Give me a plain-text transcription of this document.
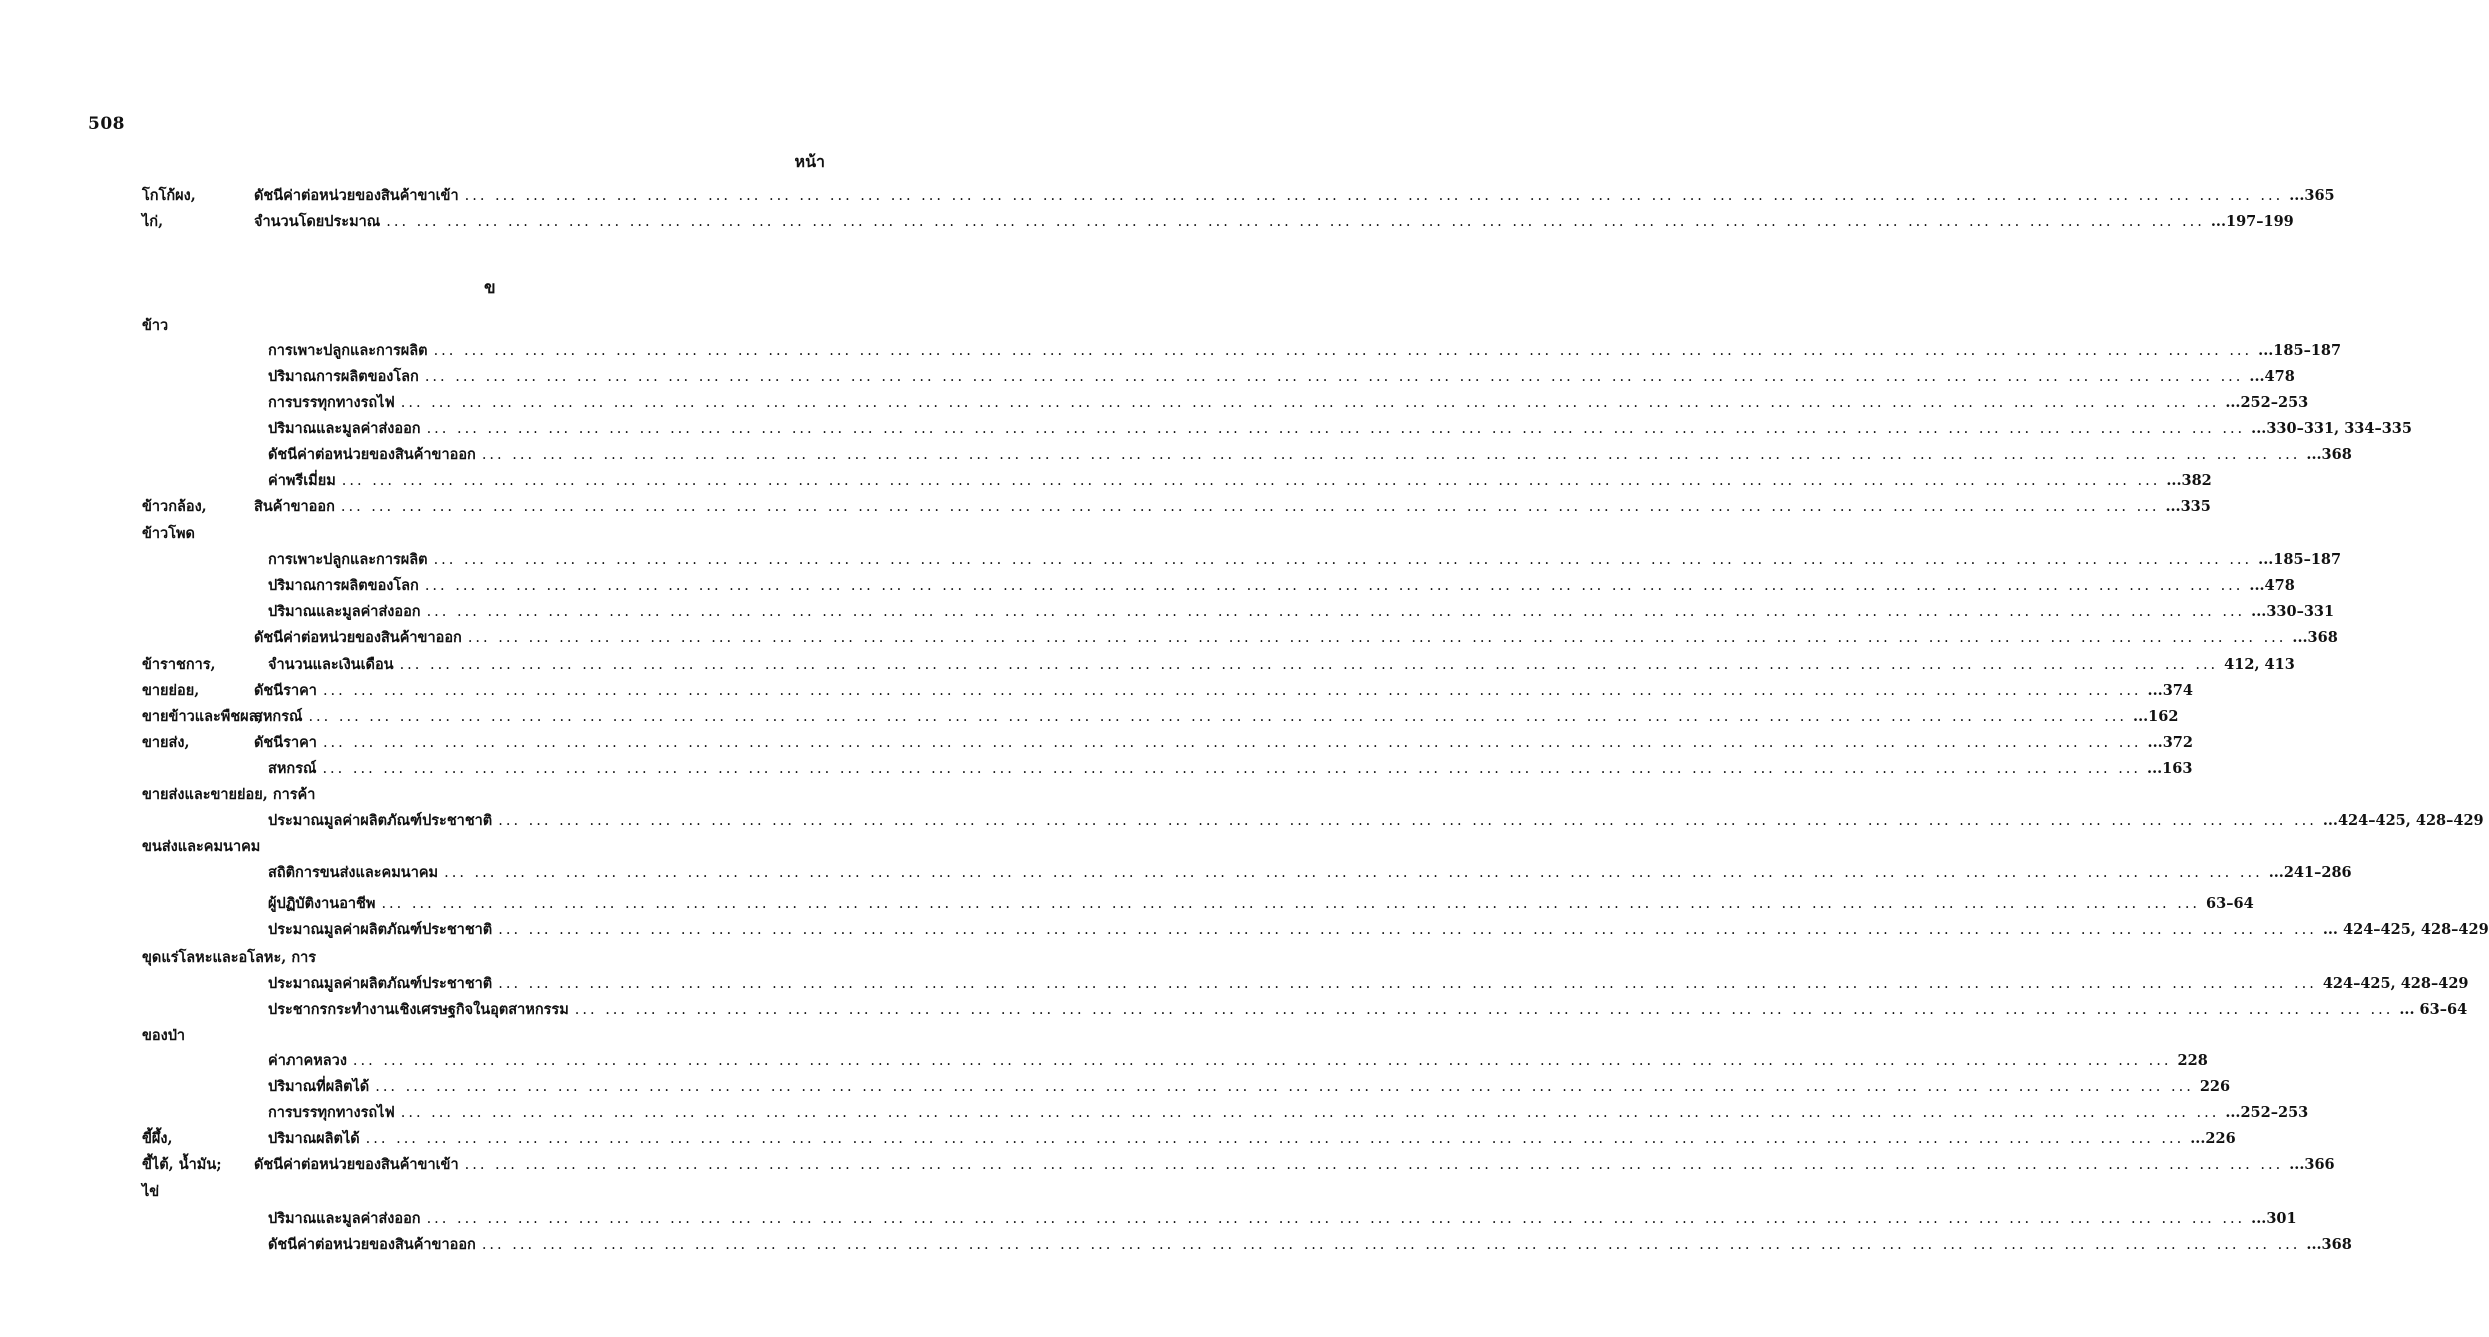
508
หน้า
ข
โกโก้ผง,	ดัชนีค่าต่อหน่วยของสินค้าขาเข้า ... ... ... ... ... ... ... ... ... ... ... ... ... ... ... ... ... ... ... ... ... ... ... ... ... ... ... ... ... ... ... ... ... ... ... ... ... ... ... ... ... ... ... ... ... ... ... ... ... ... ... ... ... ... ... ... ... ... ... ... ...365
ไก่,	จำนวนโดยประมาณ ... ... ... ... ... ... ... ... ... ... ... ... ... ... ... ... ... ... ... ... ... ... ... ... ... ... ... ... ... ... ... ... ... ... ... ... ... ... ... ... ... ... ... ... ... ... ... ... ... ... ... ... ... ... ... ... ... ... ... ... ...197–199
ข้าว
การเพาะปลูกและการผลิต ... ... ... ... ... ... ... ... ... ... ... ... ... ... ... ... ... ... ... ... ... ... ... ... ... ... ... ... ... ... ... ... ... ... ... ... ... ... ... ... ... ... ... ... ... ... ... ... ... ... ... ... ... ... ... ... ... ... ... ... ...185–187
ปริมาณการผลิตของโลก ... ... ... ... ... ... ... ... ... ... ... ... ... ... ... ... ... ... ... ... ... ... ... ... ... ... ... ... ... ... ... ... ... ... ... ... ... ... ... ... ... ... ... ... ... ... ... ... ... ... ... ... ... ... ... ... ... ... ... ... ...478
การบรรทุกทางรถไฟ ... ... ... ... ... ... ... ... ... ... ... ... ... ... ... ... ... ... ... ... ... ... ... ... ... ... ... ... ... ... ... ... ... ... ... ... ... ... ... ... ... ... ... ... ... ... ... ... ... ... ... ... ... ... ... ... ... ... ... ... ...252–253
ปริมาณและมูลค่าส่งออก ... ... ... ... ... ... ... ... ... ... ... ... ... ... ... ... ... ... ... ... ... ... ... ... ... ... ... ... ... ... ... ... ... ... ... ... ... ... ... ... ... ... ... ... ... ... ... ... ... ... ... ... ... ... ... ... ... ... ... ... ...330–331, 334–335
ดัชนีค่าต่อหน่วยของสินค้าขาออก ... ... ... ... ... ... ... ... ... ... ... ... ... ... ... ... ... ... ... ... ... ... ... ... ... ... ... ... ... ... ... ... ... ... ... ... ... ... ... ... ... ... ... ... ... ... ... ... ... ... ... ... ... ... ... ... ... ... ... ... ...368
ค่าพรีเมี่ยม ... ... ... ... ... ... ... ... ... ... ... ... ... ... ... ... ... ... ... ... ... ... ... ... ... ... ... ... ... ... ... ... ... ... ... ... ... ... ... ... ... ... ... ... ... ... ... ... ... ... ... ... ... ... ... ... ... ... ... ... ...382
ข้าวกล้อง,	สินค้าขาออก ... ... ... ... ... ... ... ... ... ... ... ... ... ... ... ... ... ... ... ... ... ... ... ... ... ... ... ... ... ... ... ... ... ... ... ... ... ... ... ... ... ... ... ... ... ... ... ... ... ... ... ... ... ... ... ... ... ... ... ... ...335
ข้าวโพด
การเพาะปลูกและการผลิต ... ... ... ... ... ... ... ... ... ... ... ... ... ... ... ... ... ... ... ... ... ... ... ... ... ... ... ... ... ... ... ... ... ... ... ... ... ... ... ... ... ... ... ... ... ... ... ... ... ... ... ... ... ... ... ... ... ... ... ... ...185–187
ปริมาณการผลิตของโลก ... ... ... ... ... ... ... ... ... ... ... ... ... ... ... ... ... ... ... ... ... ... ... ... ... ... ... ... ... ... ... ... ... ... ... ... ... ... ... ... ... ... ... ... ... ... ... ... ... ... ... ... ... ... ... ... ... ... ... ... ...478
ปริมาณและมูลค่าส่งออก ... ... ... ... ... ... ... ... ... ... ... ... ... ... ... ... ... ... ... ... ... ... ... ... ... ... ... ... ... ... ... ... ... ... ... ... ... ... ... ... ... ... ... ... ... ... ... ... ... ... ... ... ... ... ... ... ... ... ... ... ...330–331
ดัชนีค่าต่อหน่วยของสินค้าขาออก ... ... ... ... ... ... ... ... ... ... ... ... ... ... ... ... ... ... ... ... ... ... ... ... ... ... ... ... ... ... ... ... ... ... ... ... ... ... ... ... ... ... ... ... ... ... ... ... ... ... ... ... ... ... ... ... ... ... ... ... ...368
ข้าราชการ,	จำนวนและเงินเดือน ... ... ... ... ... ... ... ... ... ... ... ... ... ... ... ... ... ... ... ... ... ... ... ... ... ... ... ... ... ... ... ... ... ... ... ... ... ... ... ... ... ... ... ... ... ... ... ... ... ... ... ... ... ... ... ... ... ... ... ... 412, 413
ขายย่อย,	ดัชนีราคา ... ... ... ... ... ... ... ... ... ... ... ... ... ... ... ... ... ... ... ... ... ... ... ... ... ... ... ... ... ... ... ... ... ... ... ... ... ... ... ... ... ... ... ... ... ... ... ... ... ... ... ... ... ... ... ... ... ... ... ... ...374
ขายข้าวและพืชผล,
สหกรณ์ ... ... ... ... ... ... ... ... ... ... ... ... ... ... ... ... ... ... ... ... ... ... ... ... ... ... ... ... ... ... ... ... ... ... ... ... ... ... ... ... ... ... ... ... ... ... ... ... ... ... ... ... ... ... ... ... ... ... ... ... ...162
ขายส่ง,	ดัชนีราคา ... ... ... ... ... ... ... ... ... ... ... ... ... ... ... ... ... ... ... ... ... ... ... ... ... ... ... ... ... ... ... ... ... ... ... ... ... ... ... ... ... ... ... ... ... ... ... ... ... ... ... ... ... ... ... ... ... ... ... ... ...372
สหกรณ์ ... ... ... ... ... ... ... ... ... ... ... ... ... ... ... ... ... ... ... ... ... ... ... ... ... ... ... ... ... ... ... ... ... ... ... ... ... ... ... ... ... ... ... ... ... ... ... ... ... ... ... ... ... ... ... ... ... ... ... ... ...163
ขายส่งและขายย่อย, การค้า
ประมาณมูลค่าผลิตภัณฑ์ประชาชาติ ... ... ... ... ... ... ... ... ... ... ... ... ... ... ... ... ... ... ... ... ... ... ... ... ... ... ... ... ... ... ... ... ... ... ... ... ... ... ... ... ... ... ... ... ... ... ... ... ... ... ... ... ... ... ... ... ... ... ... ... ...424–425, 428–429
ขนส่งและคมนาคม
สถิติการขนส่งและคมนาคม ... ... ... ... ... ... ... ... ... ... ... ... ... ... ... ... ... ... ... ... ... ... ... ... ... ... ... ... ... ... ... ... ... ... ... ... ... ... ... ... ... ... ... ... ... ... ... ... ... ... ... ... ... ... ... ... ... ... ... ... ...241–286
ผู้ปฏิบัติงานอาชีพ ... ... ... ... ... ... ... ... ... ... ... ... ... ... ... ... ... ... ... ... ... ... ... ... ... ... ... ... ... ... ... ... ... ... ... ... ... ... ... ... ... ... ... ... ... ... ... ... ... ... ... ... ... ... ... ... ... ... ... ... 63–64
ประมาณมูลค่าผลิตภัณฑ์ประชาชาติ ... ... ... ... ... ... ... ... ... ... ... ... ... ... ... ... ... ... ... ... ... ... ... ... ... ... ... ... ... ... ... ... ... ... ... ... ... ... ... ... ... ... ... ... ... ... ... ... ... ... ... ... ... ... ... ... ... ... ... ... ... 424–425, 428–429
ขุดแร่โลหะและอโลหะ, การ
ประมาณมูลค่าผลิตภัณฑ์ประชาชาติ ... ... ... ... ... ... ... ... ... ... ... ... ... ... ... ... ... ... ... ... ... ... ... ... ... ... ... ... ... ... ... ... ... ... ... ... ... ... ... ... ... ... ... ... ... ... ... ... ... ... ... ... ... ... ... ... ... ... ... ... 424–425, 428–429
ประชากรกระทำงานเชิงเศรษฐกิจในอุตสาหกรรม ... ... ... ... ... ... ... ... ... ... ... ... ... ... ... ... ... ... ... ... ... ... ... ... ... ... ... ... ... ... ... ... ... ... ... ... ... ... ... ... ... ... ... ... ... ... ... ... ... ... ... ... ... ... ... ... ... ... ... ... ... 63–64
ของป่า
ค่าภาคหลวง ... ... ... ... ... ... ... ... ... ... ... ... ... ... ... ... ... ... ... ... ... ... ... ... ... ... ... ... ... ... ... ... ... ... ... ... ... ... ... ... ... ... ... ... ... ... ... ... ... ... ... ... ... ... ... ... ... ... ... ... 228
ปริมาณที่ผลิตได้ ... ... ... ... ... ... ... ... ... ... ... ... ... ... ... ... ... ... ... ... ... ... ... ... ... ... ... ... ... ... ... ... ... ... ... ... ... ... ... ... ... ... ... ... ... ... ... ... ... ... ... ... ... ... ... ... ... ... ... ... 226
การบรรทุกทางรถไฟ ... ... ... ... ... ... ... ... ... ... ... ... ... ... ... ... ... ... ... ... ... ... ... ... ... ... ... ... ... ... ... ... ... ... ... ... ... ... ... ... ... ... ... ... ... ... ... ... ... ... ... ... ... ... ... ... ... ... ... ... ...252–253
ขี้ผึ้ง,	ปริมาณผลิตได้ ... ... ... ... ... ... ... ... ... ... ... ... ... ... ... ... ... ... ... ... ... ... ... ... ... ... ... ... ... ... ... ... ... ... ... ... ... ... ... ... ... ... ... ... ... ... ... ... ... ... ... ... ... ... ... ... ... ... ... ... ...226
ขี้ไต้, น้ำมัน; ดัชนีค่าต่อหน่วยของสินค้าขาเข้า ... ... ... ... ... ... ... ... ... ... ... ... ... ... ... ... ... ... ... ... ... ... ... ... ... ... ... ... ... ... ... ... ... ... ... ... ... ... ... ... ... ... ... ... ... ... ... ... ... ... ... ... ... ... ... ... ... ... ... ... ...366
ไข่
ปริมาณและมูลค่าส่งออก ... ... ... ... ... ... ... ... ... ... ... ... ... ... ... ... ... ... ... ... ... ... ... ... ... ... ... ... ... ... ... ... ... ... ... ... ... ... ... ... ... ... ... ... ... ... ... ... ... ... ... ... ... ... ... ... ... ... ... ... ...301
ดัชนีค่าต่อหน่วยของสินค้าขาออก ... ... ... ... ... ... ... ... ... ... ... ... ... ... ... ... ... ... ... ... ... ... ... ... ... ... ... ... ... ... ... ... ... ... ... ... ... ... ... ... ... ... ... ... ... ... ... ... ... ... ... ... ... ... ... ... ... ... ... ... ...368
